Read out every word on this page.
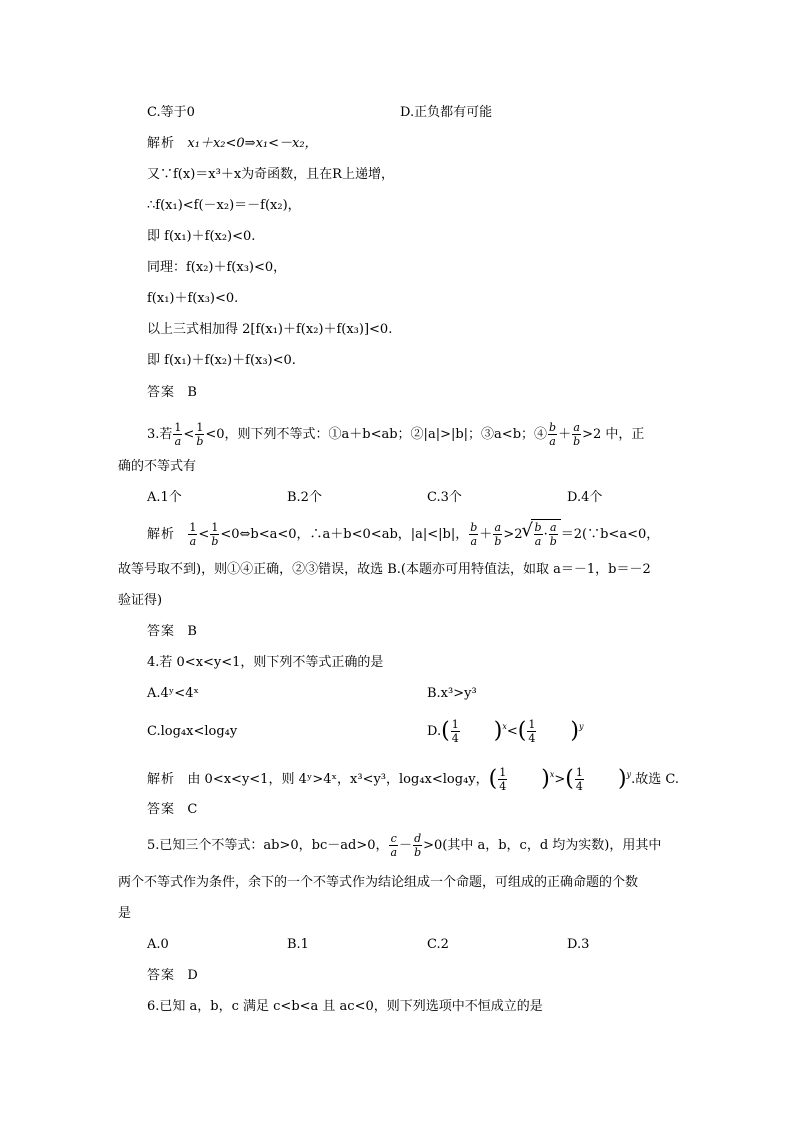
C.等于0	D.正负都有可能
解析 x₁＋x₂<0⇒x₁<－x₂，
又∵f(x)＝x³＋x为奇函数，且在R上递增，
∴f(x₁)<f(－x₂)＝－f(x₂)，
即 f(x₁)＋f(x₂)<0.
同理：f(x₂)＋f(x₃)<0，
f(x₁)＋f(x₃)<0.
以上三式相加得 2[f(x₁)＋f(x₂)＋f(x₃)]<0.
即 f(x₁)＋f(x₂)＋f(x₃)<0.
答案 B
3.若 $\frac{1}{a} < \frac{1}{b} <0$，则下列不等式：①a＋b<ab；②|a|>|b|；③a<b；④ $\frac{b}{a} + \frac{a}{b} >2$ 中，正
确的不等式有
A.1个	B.2个	C.3个	D.4个
解析 $\frac{1}{a} < \frac{1}{b}$ <0⇔b<a<0，∴a＋b<0<ab，|a|<|b|， $\frac{b}{a} + \frac{a}{b} >2$
√ $\frac{b}{a} \cdot \frac{a}{b}$ ＝2(∵b<a<0，
故等号取不到)，则①④正确，②③错误，故选 B.(本题亦可用特值法，如取 a＝－1，b＝－2
验证得)
答案 B
4.若 0<x<y<1，则下列不等式正确的是
A.4ʸ<4ˣ	B.x³>y³
C.log₄x<log₄y	$D.( \frac{1}{4} )^x<( \frac{1}{4} )^y$
解析 由 0<x<y<1，则 4ʸ>4ˣ，x³<y³，log₄x<log₄y，( $\frac{1}{4} )^x>( \frac{1}{4} )^y$.故选 C.
答案 C
5.已知三个不等式：ab>0，bc－ad>0， $\frac{c}{a} - \frac{d}{b} >0$(其中 a，b，c，d 均为实数)，用其中
两个不等式作为条件，余下的一个不等式作为结论组成一个命题，可组成的正确命题的个数
是
A.0	B.1	C.2	D.3
答案 D
6.已知 a，b，c 满足 c<b<a 且 ac<0，则下列选项中不恒成立的是
